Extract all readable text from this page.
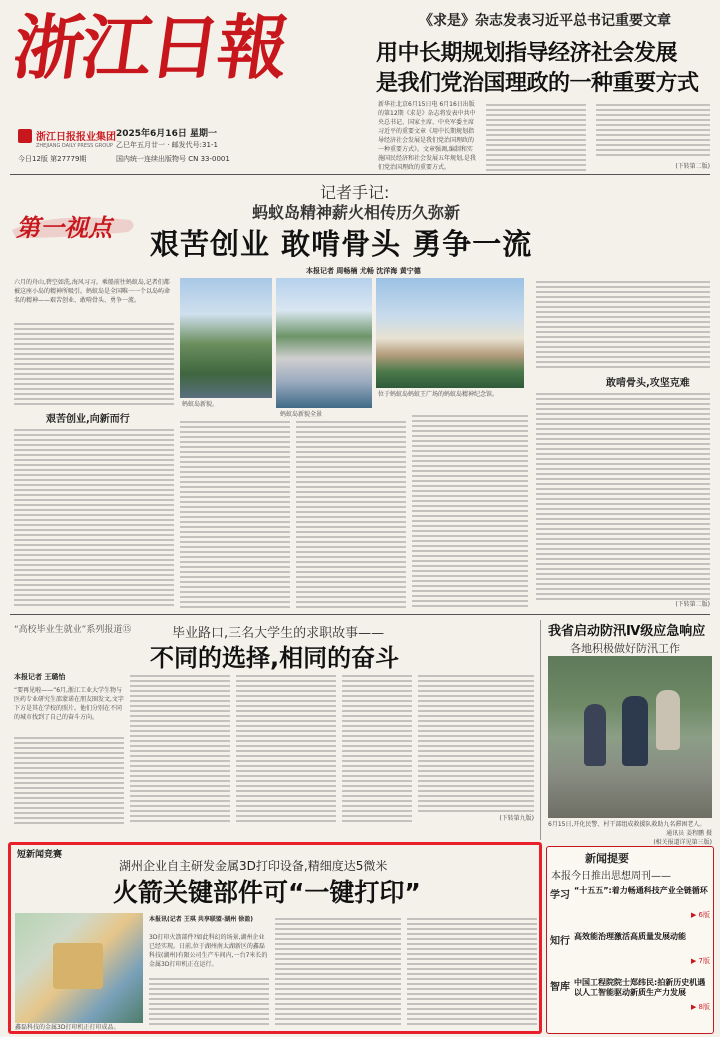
浙江日報
浙江日报报业集团
ZHEJIANG DAILY PRESS GROUP
2025年6月16日 星期一
乙巳年五月廿一 · 邮发代号:31-1
今日12版 第27779期	国内统一连续出版物号 CN 33-0001
《求是》杂志发表习近平总书记重要文章
用中长期规划指导经济社会发展
是我们党治国理政的一种重要方式
新华社北京6月15日电 6月16日出版的第12期《求是》杂志将发表中共中央总书记、国家主席、中央军委主席习近平的重要文章《用中长期规划指导经济社会发展是我们党治国理政的一种重要方式》。文章强调,编制和实施国民经济和社会发展五年规划,是我们党治国理政的重要方式。	(下转第二版)
第一视点
记者手记:
蚂蚁岛精神薪火相传历久弥新
艰苦创业 敢啃骨头 勇争一流
本报记者 周畅楠 尤畅 沈洋海 黄宁德
六月的舟山,碧空如洗,海风习习。乘船前往蚂蚁岛,记者们都被这座小岛的精神所吸引。蚂蚁岛是全国唯一一个以岛屿命名的精神——艰苦创业、敢啃骨头、勇争一流。
艰苦创业,向新而行
蚂蚁岛新貌。
蚂蚁岛新貌全景
位于蚂蚁岛蚂蚁王广场的蚂蚁岛精神纪念馆。
敢啃骨头,攻坚克难
(下转第二版)
“高校毕业生就业”系列报道⑮	毕业路口,三名大学生的求职故事——
不同的选择,相同的奋斗
本报记者 王璐怡
“要再见啦——”6月,浙江工业大学生物与医药专业研究生邵蒙诺在朋友圈发文,文字下方是其在学校的照片。他们分别在不同的城市找到了自己的奋斗方向。
(下转第九版)
我省启动防汛Ⅳ级应急响应
各地积极做好防汛工作
6月15日,开化民警、村干部组成救援队救助九名滞困老人。
通讯员 姜程鹏 摄
(相关报道详见第三版)
短新闻竞赛
湖州企业自主研发金属3D打印设备,精细度达5微米
火箭关键部件可“一键打印”
鑫磊科技的金属3D打印机正打印成品。
本报讯(记者 王琪 共享联盟·湖州 徐盈)
3D打印火箭部件?如此科幻的场景,湖州企业已经实现。日前,位于湖州南太湖新区的鑫磊科技(湖州)有限公司生产车间内,一台7米长的金属3D打印机正在运行。
新闻提要
本报今日推出思想周刊——
学习 “十五五”:着力畅通科技产业全链循环
▶ 6版
知行 高效能治理激活高质量发展动能
▶ 7版
智库 中国工程院院士郑纬民:拍新历史机遇 以人工智能驱动新质生产力发展
▶ 8版
